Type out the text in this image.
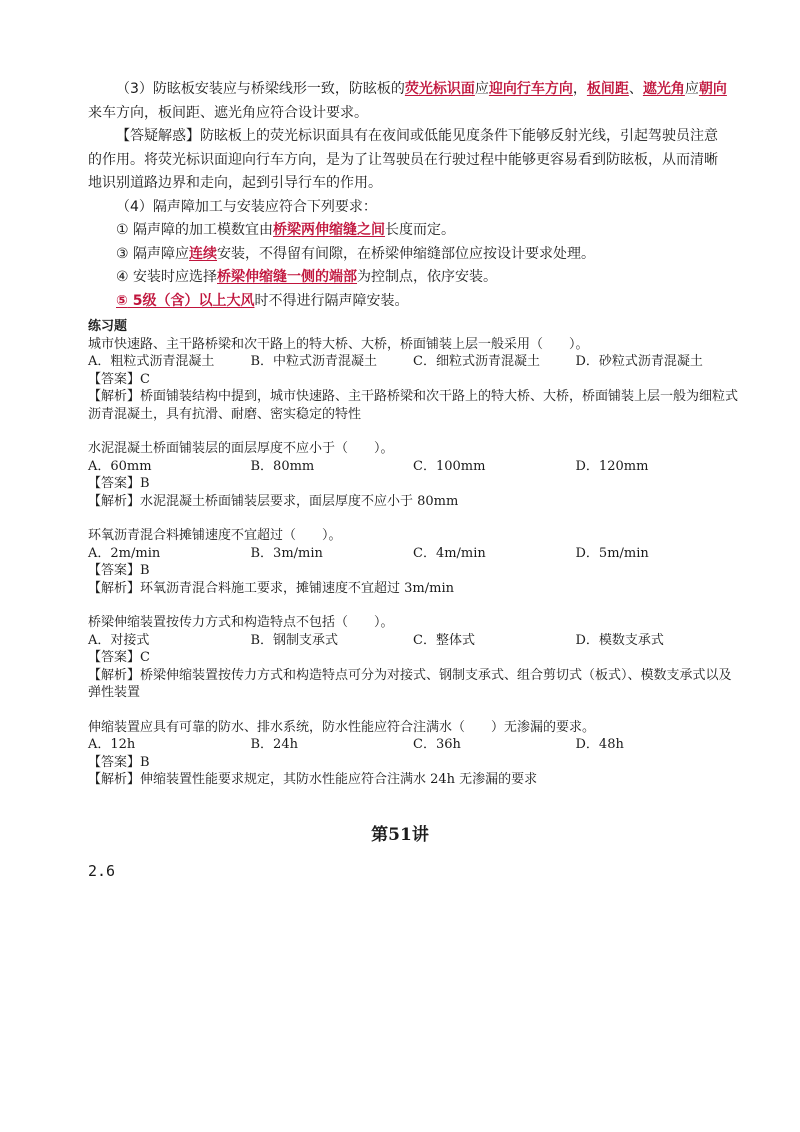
（3）防眩板安装应与桥梁线形一致，防眩板的荧光标识面应迎向行车方向，板间距、遮光角应朝向来车方向，板间距、遮光角应符合设计要求。

【答疑解惑】防眩板上的荧光标识面具有在夜间或低能见度条件下能够反射光线，引起驾驶员注意的作用。将荧光标识面迎向行车方向，是为了让驾驶员在行驶过程中能够更容易看到防眩板，从而清晰地识别道路边界和走向，起到引导行车的作用。

（4）隔声障加工与安装应符合下列要求：

① 隔声障的加工模数宜由桥梁两伸缩缝之间长度而定。

③ 隔声障应连续安装，不得留有间隙，在桥梁伸缩缝部位应按设计要求处理。

④ 安装时应选择桥梁伸缩缝一侧的端部为控制点，依序安装。

⑤ 5级（含）以上大风时不得进行隔声障安装。

练习题

城市快速路、主干路桥梁和次干路上的特大桥、大桥，桥面铺装上层一般采用（　　）。

A．粗粒式沥青混凝土	B．中粒式沥青混凝土	C．细粒式沥青混凝土	D．砂粒式沥青混凝土

【答案】C

【解析】桥面铺装结构中提到，城市快速路、主干路桥梁和次干路上的特大桥、大桥，桥面铺装上层一般为细粒式沥青混凝土，具有抗滑、耐磨、密实稳定的特性

水泥混凝土桥面铺装层的面层厚度不应小于（　　）。

A．60mm	B．80mm	C．100mm	D．120mm

【答案】B

【解析】水泥混凝土桥面铺装层要求，面层厚度不应小于 80mm

环氧沥青混合料摊铺速度不宜超过（　　）。

A．2m/min	B．3m/min	C．4m/min	D．5m/min

【答案】B

【解析】环氧沥青混合料施工要求，摊铺速度不宜超过 3m/min

桥梁伸缩装置按传力方式和构造特点不包括（　　）。

A．对接式	B．钢制支承式	C．整体式	D．模数支承式

【答案】C

【解析】桥梁伸缩装置按传力方式和构造特点可分为对接式、钢制支承式、组合剪切式（板式）、模数支承式以及弹性装置

伸缩装置应具有可靠的防水、排水系统，防水性能应符合注满水（　　）无渗漏的要求。

A．12h	B．24h	C．36h	D．48h

【答案】B

【解析】伸缩装置性能要求规定，其防水性能应符合注满水 24h 无渗漏的要求

第51讲
2.6
